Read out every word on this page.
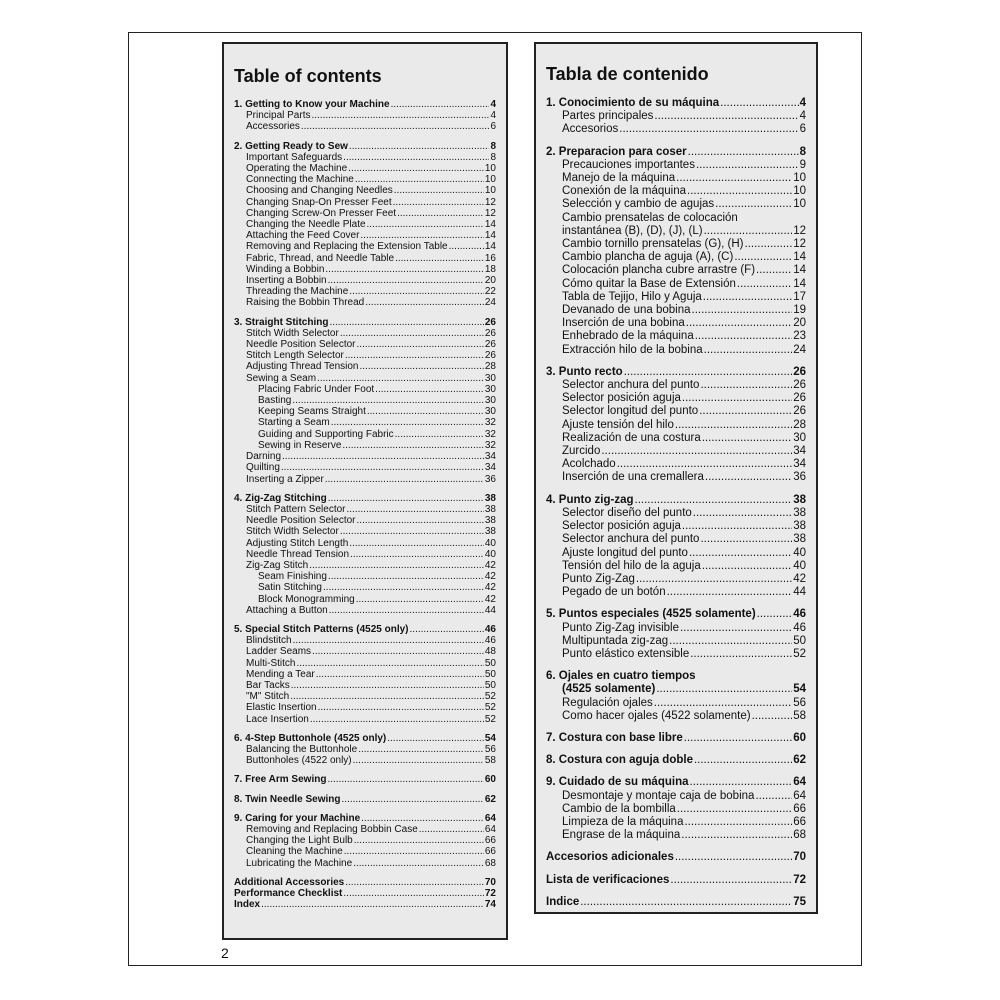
2
Table of contents
1. Getting to Know your Machine .....	4
Principal Parts .....	4
Accessories .....	6
2. Getting Ready to Sew .....	8
Important Safeguards .....	8
Operating the Machine .....	10
Connecting the Machine .....	10
Choosing and Changing Needles .....	10
Changing Snap-On Presser Feet .....	12
Changing Screw-On Presser Feet .....	12
Changing the Needle Plate .....	14
Attaching the Feed Cover .....	14
Removing and Replacing the Extension Table .....	14
Fabric, Thread, and Needle Table .....	16
Winding a Bobbin .....	18
Inserting a Bobbin .....	20
Threading the Machine .....	22
Raising the Bobbin Thread .....	24
3. Straight Stitching .....	26
Stitch Width Selector .....	26
Needle Position Selector .....	26
Stitch Length Selector .....	26
Adjusting Thread Tension .....	28
Sewing a Seam .....	30
Placing Fabric Under Foot .....	30
Basting .....	30
Keeping Seams Straight .....	30
Starting a Seam .....	32
Guiding and Supporting Fabric .....	32
Sewing in Reserve .....	32
Darning .....	34
Quilting .....	34
Inserting a Zipper .....	36
4. Zig-Zag Stitching .....	38
Stitch Pattern Selector .....	38
Needle Position Selector .....	38
Stitch Width Selector .....	38
Adjusting Stitch Length .....	40
Needle Thread Tension .....	40
Zig-Zag Stitch .....	42
Seam Finishing .....	42
Satin Stitching .....	42
Block Monogramming .....	42
Attaching a Button .....	44
5. Special Stitch Patterns (4525 only) .....	46
Blindstitch .....	46
Ladder Seams .....	48
Multi-Stitch .....	50
Mending a Tear .....	50
Bar Tacks .....	50
"M" Stitch .....	52
Elastic Insertion .....	52
Lace Insertion .....	52
6. 4-Step Buttonhole (4525 only) .....	54
Balancing the Buttonhole .....	56
Buttonholes (4522 only) .....	58
7. Free Arm Sewing .....	60
8. Twin Needle Sewing .....	62
9. Caring for your Machine .....	64
Removing and Replacing Bobbin Case .....	64
Changing the Light Bulb .....	66
Cleaning the Machine .....	66
Lubricating the Machine .....	68
Additional Accessories .....	70
Performance Checklist .....	72
Index .....	74
Tabla de contenido
1. Conocimiento de su máquina .....	4
Partes principales .....	4
Accesorios .....	6
2. Preparacion para coser .....	8
Precauciones importantes .....	9
Manejo de la máquina .....	10
Conexión de la máquina .....	10
Selección y cambio de agujas .....	10
Cambio prensatelas de colocación
instantánea (B), (D), (J), (L) .....	12
Cambio tornillo prensatelas (G), (H) .....	12
Cambio plancha de aguja (A), (C) .....	14
Colocación plancha cubre arrastre (F) .....	14
Cómo quitar la Base de Extensión .....	14
Tabla de Tejijo, Hilo y Aguja .....	17
Devanado de una bobina .....	19
Inserción de una bobina .....	20
Enhebrado de la máquina .....	23
Extracción hilo de la bobina .....	24
3. Punto recto .....	26
Selector anchura del punto .....	26
Selector posición aguja .....	26
Selector longitud del punto .....	26
Ajuste tensión del hilo .....	28
Realización de una costura .....	30
Zurcido .....	34
Acolchado .....	34
Inserción de una cremallera .....	36
4. Punto zig-zag .....	38
Selector diseño del punto .....	38
Selector posición aguja .....	38
Selector anchura del punto .....	38
Ajuste longitud del punto .....	40
Tensión del hilo de la aguja .....	40
Punto Zig-Zag .....	42
Pegado de un botón .....	44
5. Puntos especiales (4525 solamente) .....	46
Punto Zig-Zag invisible .....	46
Multipuntada zig-zag .....	50
Punto elástico extensible .....	52
6. Ojales en cuatro tiempos
(4525 solamente) .....	54
Regulación ojales .....	56
Como hacer ojales (4522 solamente) .....	58
7. Costura con base libre .....	60
8. Costura con aguja doble .....	62
9. Cuidado de su máquina .....	64
Desmontaje y montaje caja de bobina .....	64
Cambio de la bombilla .....	66
Limpieza de la máquina .....	66
Engrase de la máquina .....	68
Accesorios adicionales .....	70
Lista de verificaciones .....	72
Indice .....	75
